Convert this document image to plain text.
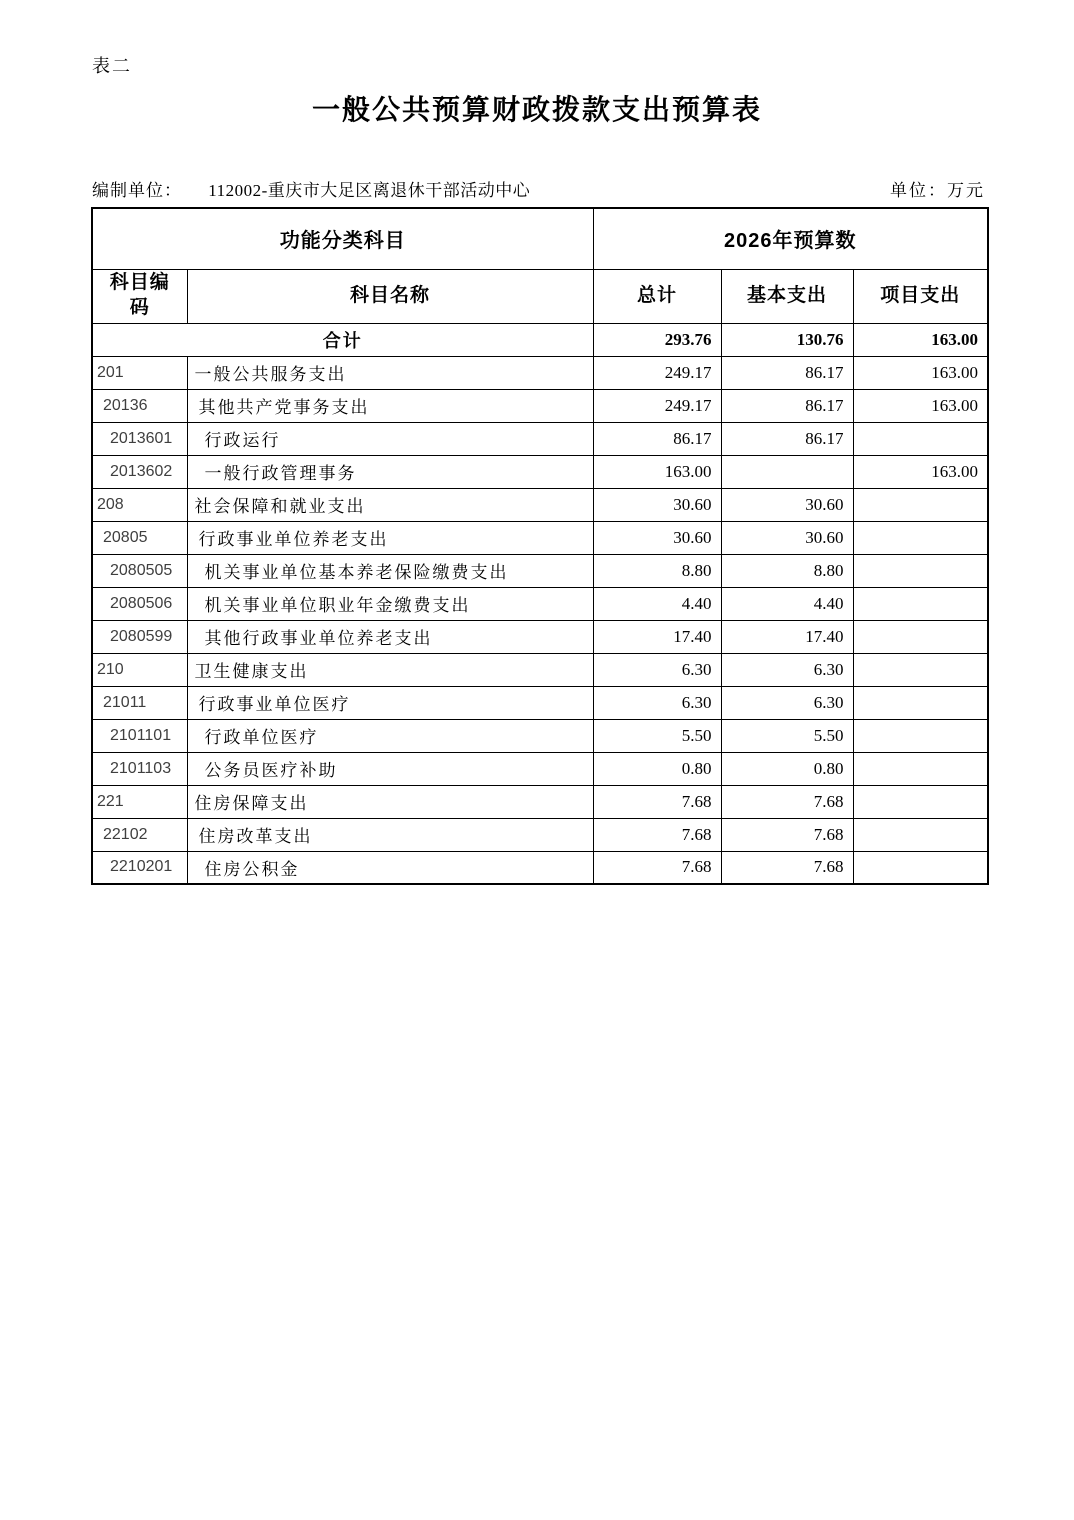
表二
一般公共预算财政拨款支出预算表
编制单位： 112002-重庆市大足区离退休干部活动中心	单位：万元
功能分类科目		2026年预算数		
科目编码	科目名称	总计	基本支出	项目支出
合计		293.76	130.76	163.00
201	一般公共服务支出	249.17	86.17	163.00
20136	其他共产党事务支出	249.17	86.17	163.00
2013601	行政运行	86.17	86.17	
2013602	一般行政管理事务	163.00		163.00
208	社会保障和就业支出	30.60	30.60	
20805	行政事业单位养老支出	30.60	30.60	
2080505	机关事业单位基本养老保险缴费支出	8.80	8.80	
2080506	机关事业单位职业年金缴费支出	4.40	4.40	
2080599	其他行政事业单位养老支出	17.40	17.40	
210	卫生健康支出	6.30	6.30	
21011	行政事业单位医疗	6.30	6.30	
2101101	行政单位医疗	5.50	5.50	
2101103	公务员医疗补助	0.80	0.80	
221	住房保障支出	7.68	7.68	
22102	住房改革支出	7.68	7.68	
2210201	住房公积金	7.68	7.68	
